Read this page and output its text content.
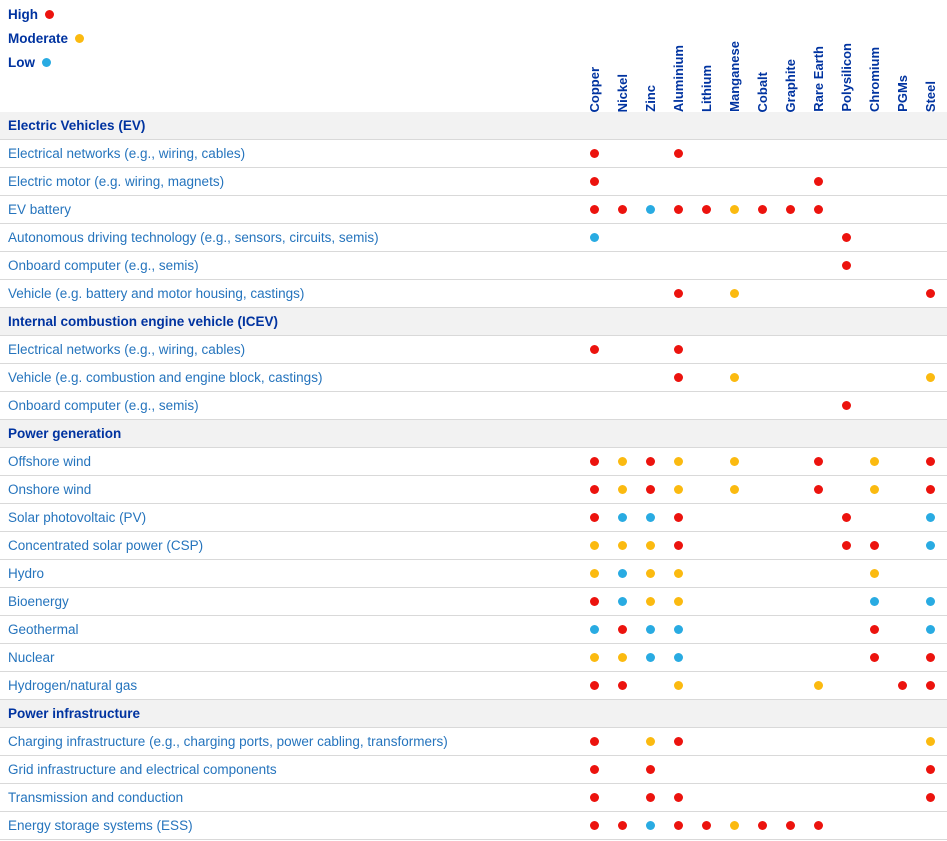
High
Moderate
Low
Copper Nickel Zinc Aluminium Lithium Manganese Cobalt Graphite Rare Earth Polysilicon Chromium PGMs Steel
Electric Vehicles (EV)
Electrical networks (e.g., wiring, cables)
Electric motor (e.g. wiring, magnets)
EV battery
Autonomous driving technology (e.g., sensors, circuits, semis)
Onboard computer (e.g., semis)
Vehicle (e.g. battery and motor housing, castings)
Internal combustion engine vehicle (ICEV)
Electrical networks (e.g., wiring, cables)
Vehicle (e.g. combustion and engine block, castings)
Onboard computer (e.g., semis)
Power generation
Offshore wind
Onshore wind
Solar photovoltaic (PV)
Concentrated solar power (CSP)
Hydro
Bioenergy
Geothermal
Nuclear
Hydrogen/natural gas
Power infrastructure
Charging infrastructure (e.g., charging ports, power cabling, transformers)
Grid infrastructure and electrical components
Transmission and conduction
Energy storage systems (ESS)
